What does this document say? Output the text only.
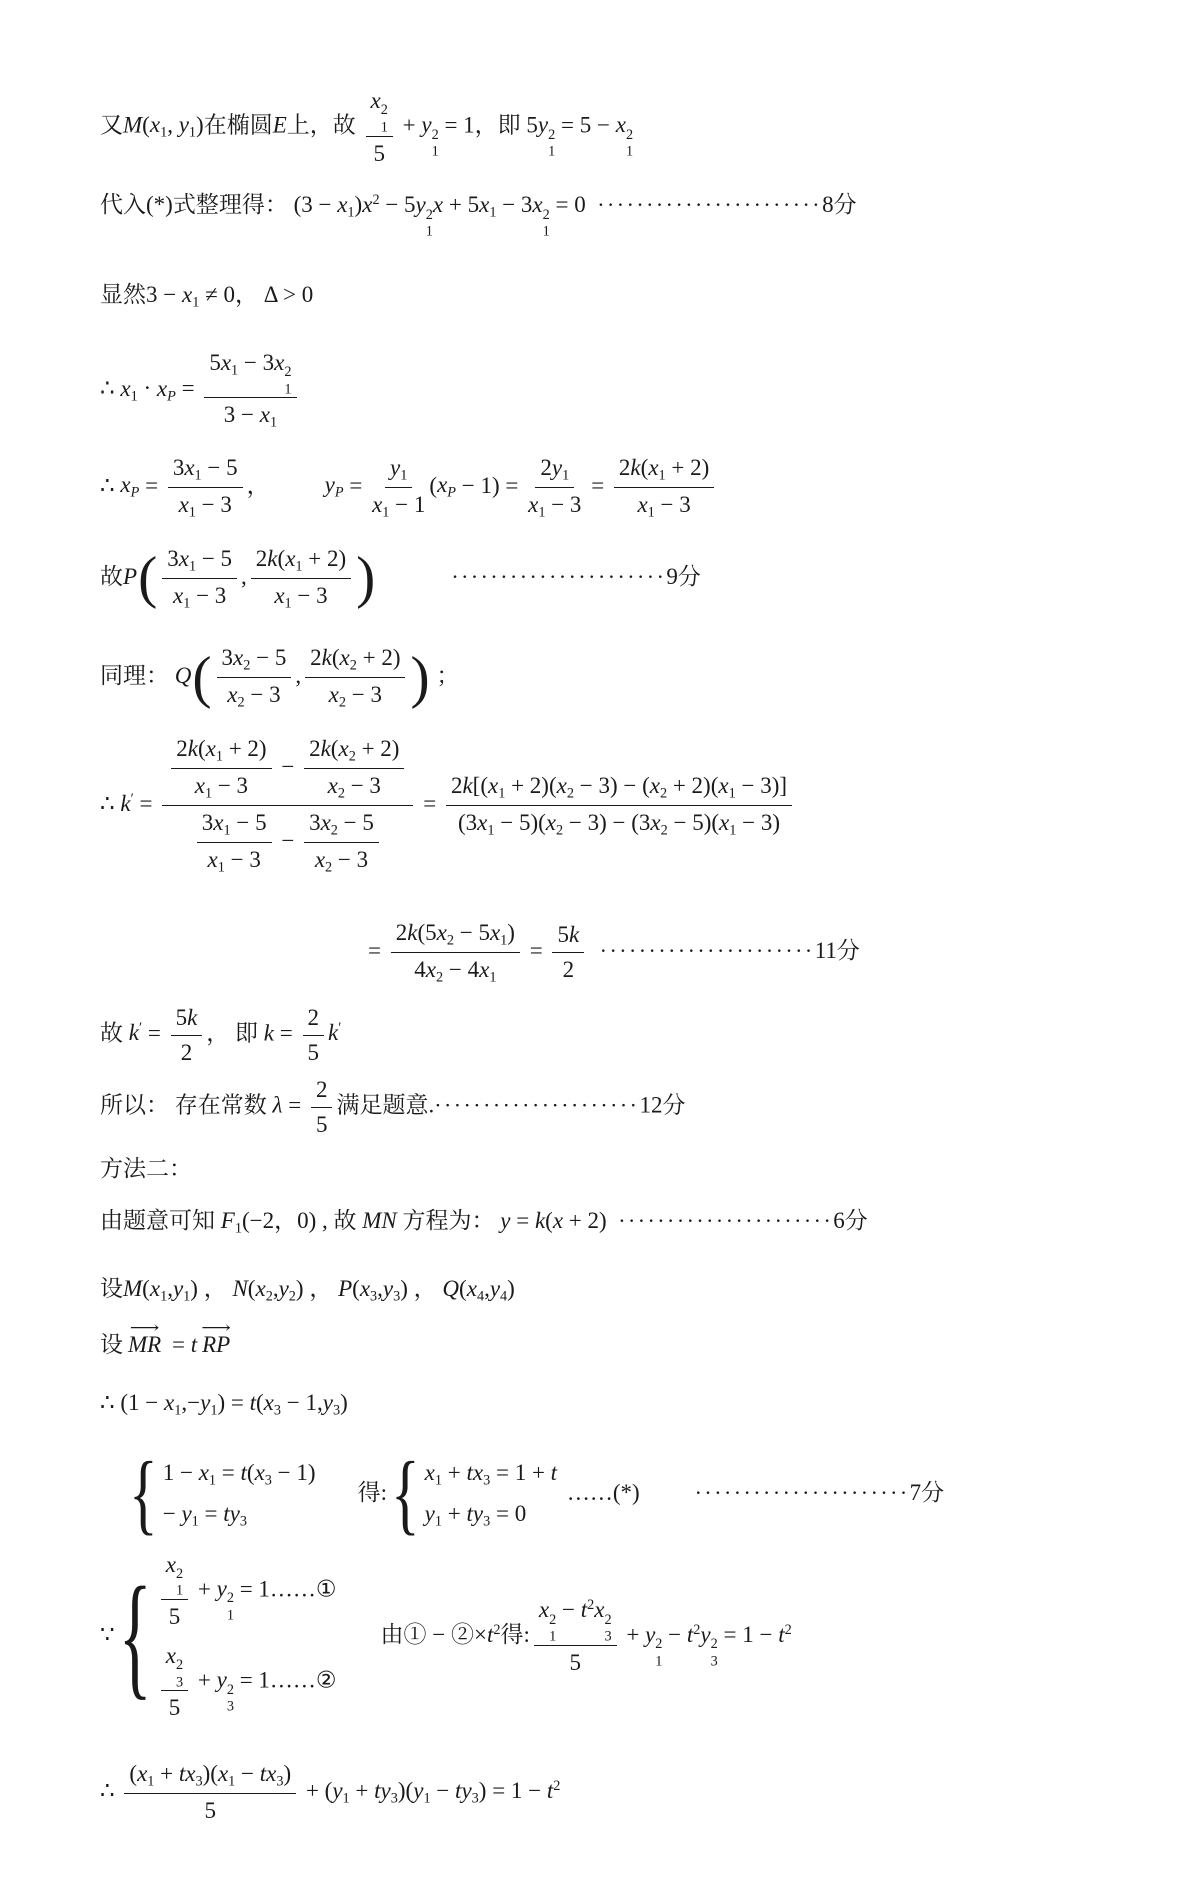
又M(x1, y1)在椭圆E上，故 x 2
1
5 + y 2
1
= 1，即 5y 2
1
= 5 − x 2
1
代入(*)式整理得： $(3 - x1)x^2 - 5y$ 2
1
x + 5x1 − 3x 2
1
= 0  ·······················8分
显然3 − x1 ≠ 0， Δ > 0
∴ x1 · xP = 5x1 − 3x 2
1
3 − x1
∴ xP = $\frac{3x1 - 5}{x1 - 3}$ ， yP = $\frac{y1}{x1 - 1} (xP - 1) = \frac{2y1}{x1 - 3} = \frac{2k(x1 + 2)}{x1 - 3}$
故$P( \frac{3x1 - 5}{x1 - 3}$ , $\frac{2k(x1 + 2)}{x1 - 3}$ )	······················9分
同理： $Q( \frac{3x2 - 5}{x2 - 3}$ , $\frac{2k(x2 + 2)}{x2 - 3}$ ) ；
∴ $k' = \frac{\frac{2k(x1 + 2)}{x1 - 3} - \frac{2k(x2 + 2)}{x2 - 3}}{\frac{3x1 - 5}{x1 - 3} - \frac{3x2 - 5}{x2 - 3}} = \frac{2k[(x1 + 2)(x2 - 3) - (x2 + 2)(x1 - 3)]}{(3x1 - 5)(x2 - 3) - (3x2 - 5)(x1 - 3)}$
= $\frac{2k(5x2 - 5x1)}{4x2 - 4x1} = \frac{5k}{2} \cdot\cdot\cdot\cdot\cdot\cdot\cdot\cdot\cdot\cdot\cdot\cdot\cdot\cdot\cdot\cdot\cdot\cdot\cdot\cdot\cdot\cdot 11$分
故 $k' = \frac{5k}{2}$ ， 即 $k = \frac{2}{5} k'$
所以： 存在常数 $\lambda = \frac{2}{5}$ 满足题意.·····················12分
方法二：
由题意可知 F1(−2，0) , 故 MN 方程为： y = k(x + 2)  ······················6分
设M(x1,y1) ， N(x2,y2) ， P(x3,y3) ， Q(x4,y4)
设 MR ⟶ = t RP ⟶
∴ (1 − x1,−y1) = t(x3 − 1,y3)
{ 1 − x1 = t(x3 − 1)
− y1 = ty3
得: { x1 + tx3 = 1 + t
y1 + ty3 = 0
……(*)	······················7分
∵ { x 2
1
5 + y 2
1
= 1……①
x 2
3
5 + y 2
3
= 1……②
由① − $②\times t^2$得: x 2
1
− $t^2x$ 2
3
5 + y 2
1
− $t^2y$ 2
3
= $1 - t^2$
∴ $\frac{(x1 + tx3)(x1 - tx3)}{5} + (y1 + ty3)(y1 - ty3) = 1 - t^2$
